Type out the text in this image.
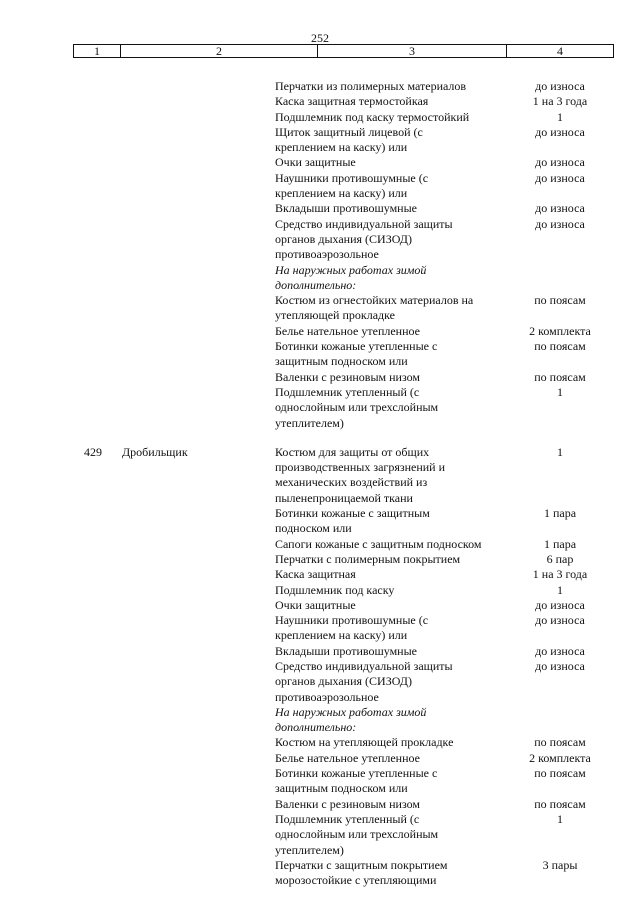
252
1	2	3	4
Перчатки из полимерных материалов	до износа
Каска защитная термостойкая	1 на 3 года
Подшлемник под каску термостойкий	1
Щиток защитный лицевой (с	до износа
креплением на каску) или
Очки защитные	до износа
Наушники противошумные (с	до износа
креплением на каску) или
Вкладыши противошумные	до износа
Средство индивидуальной защиты	до износа
органов дыхания (СИЗОД)
противоаэрозольное
На наружных работах зимой
дополнительно:
Костюм из огнестойких материалов на	по поясам
утепляющей прокладке
Белье нательное утепленное	2 комплекта
Ботинки кожаные утепленные с	по поясам
защитным подноском или
Валенки с резиновым низом	по поясам
Подшлемник утепленный (с	1
однослойным или трехслойным
утеплителем)
429 Дробильщик	Костюм для защиты от общих	1
производственных загрязнений и
механических воздействий из
пыленепроницаемой ткани
Ботинки кожаные с защитным	1 пара
подноском или
Сапоги кожаные с защитным подноском	1 пара
Перчатки с полимерным покрытием	6 пар
Каска защитная	1 на 3 года
Подшлемник под каску	1
Очки защитные	до износа
Наушники противошумные (с	до износа
креплением на каску) или
Вкладыши противошумные	до износа
Средство индивидуальной защиты	до износа
органов дыхания (СИЗОД)
противоаэрозольное
На наружных работах зимой
дополнительно:
Костюм на утепляющей прокладке	по поясам
Белье нательное утепленное	2 комплекта
Ботинки кожаные утепленные с	по поясам
защитным подноском или
Валенки с резиновым низом	по поясам
Подшлемник утепленный (с	1
однослойным или трехслойным
утеплителем)
Перчатки с защитным покрытием	3 пары
морозостойкие с утепляющими
